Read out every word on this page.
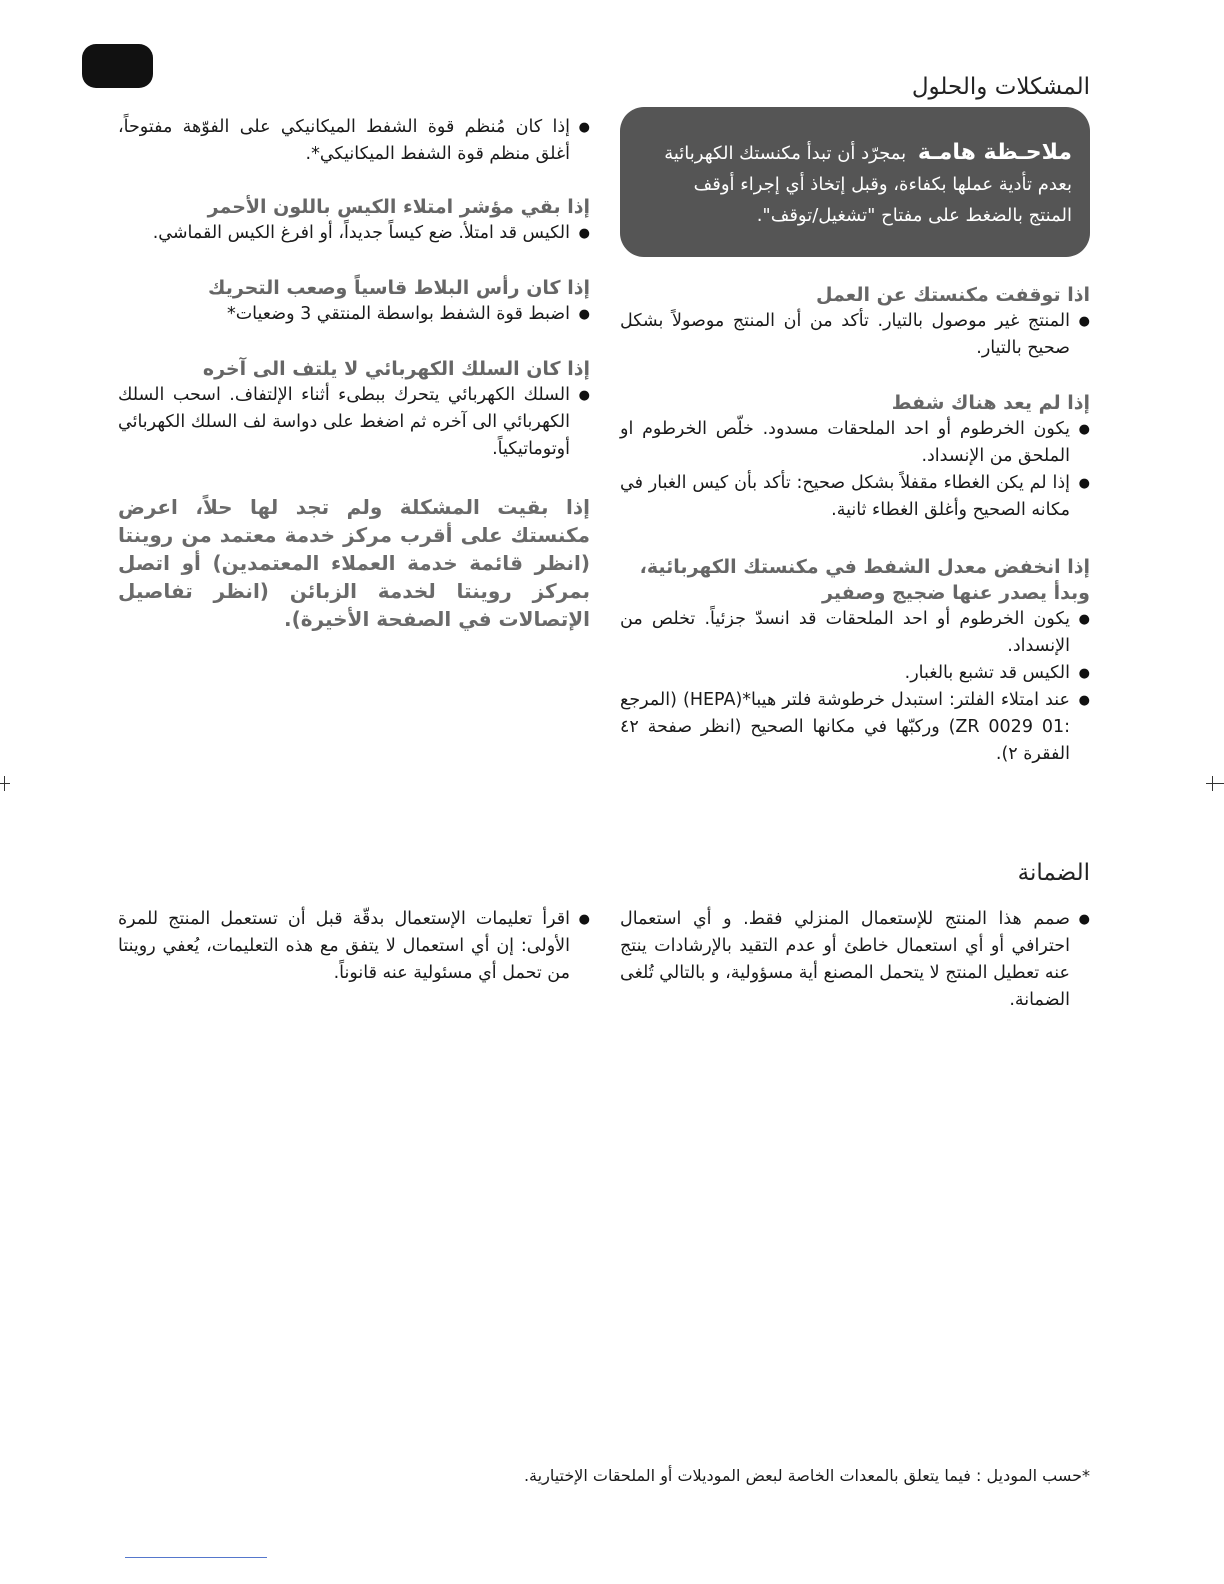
المشكلات والحلول

ملاحـظة هامـة بمجرّد أن تبدأ مكنستك الكهربائية بعدم تأدية عملها بكفاءة، وقبل إتخاذ أي إجراء أوقف المنتج بالضغط على مفتاح "تشغيل/توقف".

اذا توقفت مكنستك عن العمل

● المنتج غير موصول بالتيار. تأكد من أن المنتج موصولاً بشكل صحيح بالتيار.

إذا لم يعد هناك شفط

● يكون الخرطوم أو احد الملحقات مسدود. خلّص الخرطوم او الملحق من الإنسداد.
● إذا لم يكن الغطاء مقفلاً بشكل صحيح: تأكد بأن كيس الغبار في مكانه الصحيح وأغلق الغطاء ثانية.

إذا انخفض معدل الشفط في مكنستك الكهربائية، وبدأ يصدر عنها ضجيج وصفير

● يكون الخرطوم أو احد الملحقات قد انسدّ جزئياً. تخلص من الإنسداد.
● الكيس قد تشبع بالغبار.
● عند امتلاء الفلتر: استبدل خرطوشة فلتر هيبا*(HEPA) (المرجع :ZR 0029 01) وركبّها في مكانها الصحيح (انظر صفحة ٤٢ الفقرة ٢).
● إذا كان مُنظم قوة الشفط الميكانيكي على الفوّهة مفتوحاً، أغلق منظم قوة الشفط الميكانيكي*.

إذا بقي مؤشر امتلاء الكيس باللون الأحمر

● الكيس قد امتلأ. ضع كيساً جديداً، أو افرغ الكيس القماشي.

إذا كان رأس البلاط قاسياً وصعب التحريك

● اضبط قوة الشفط بواسطة المنتقي 3 وضعيات*

إذا كان السلك الكهربائي لا يلتف الى آخره

● السلك الكهربائي يتحرك ببطىء أثناء الإلتفاف. اسحب السلك الكهربائي الى آخره ثم اضغط على دواسة لف السلك الكهربائي أوتوماتيكياً.

إذا بقيت المشكلة ولم تجد لها حلاً، اعرض مكنستك على أقرب مركز خدمة معتمد من روينتا (انظر قائمة خدمة العملاء المعتمدين) أو اتصل بمركز روينتا لخدمة الزبائن (انظر تفاصيل الإتصالات في الصفحة الأخيرة).

الضمانة
● صمم هذا المنتج للإستعمال المنزلي فقط. و أي استعمال احترافي أو أي استعمال خاطئ أو عدم التقيد بالإرشادات ينتج عنه تعطيل المنتج لا يتحمل المصنع أية مسؤولية، و بالتالي تُلغى الضمانة.
● اقرأ تعليمات الإستعمال بدقّة قبل أن تستعمل المنتج للمرة الأولى: إن أي استعمال لا يتفق مع هذه التعليمات، يُعفي روينتا من تحمل أي مسئولية عنه قانوناً.
*حسب الموديل : فيما يتعلق بالمعدات الخاصة لبعض الموديلات أو الملحقات الإختيارية.
